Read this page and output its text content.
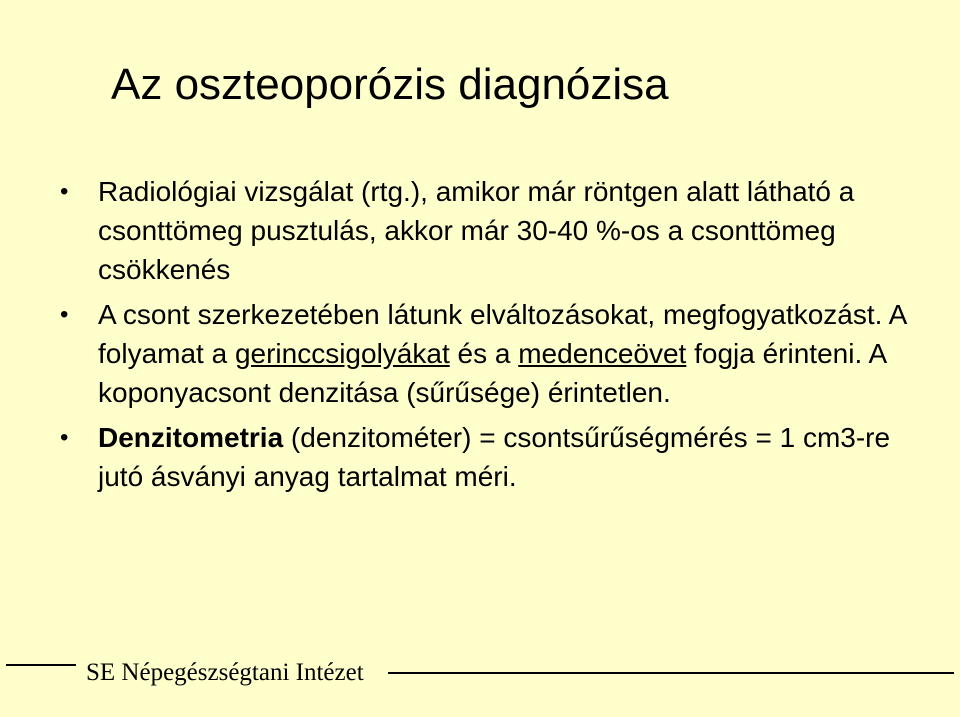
Az oszteoporózis diagnózisa
• Radiológiai vizsgálat (rtg.), amikor már röntgen alatt látható a csonttömeg pusztulás, akkor már 30-40 %-os a csonttömeg csökkenés
• A csont szerkezetében látunk elváltozásokat, megfogyatkozást. A folyamat a gerinccsigolyákat és a medenceövet fogja érinteni. A koponyacsont denzitása (sűrűsége) érintetlen.
• Denzitometria (denzitométer) = csontsűrűségmérés = 1 cm3-re jutó ásványi anyag tartalmat méri.
SE Népegészségtani Intézet
